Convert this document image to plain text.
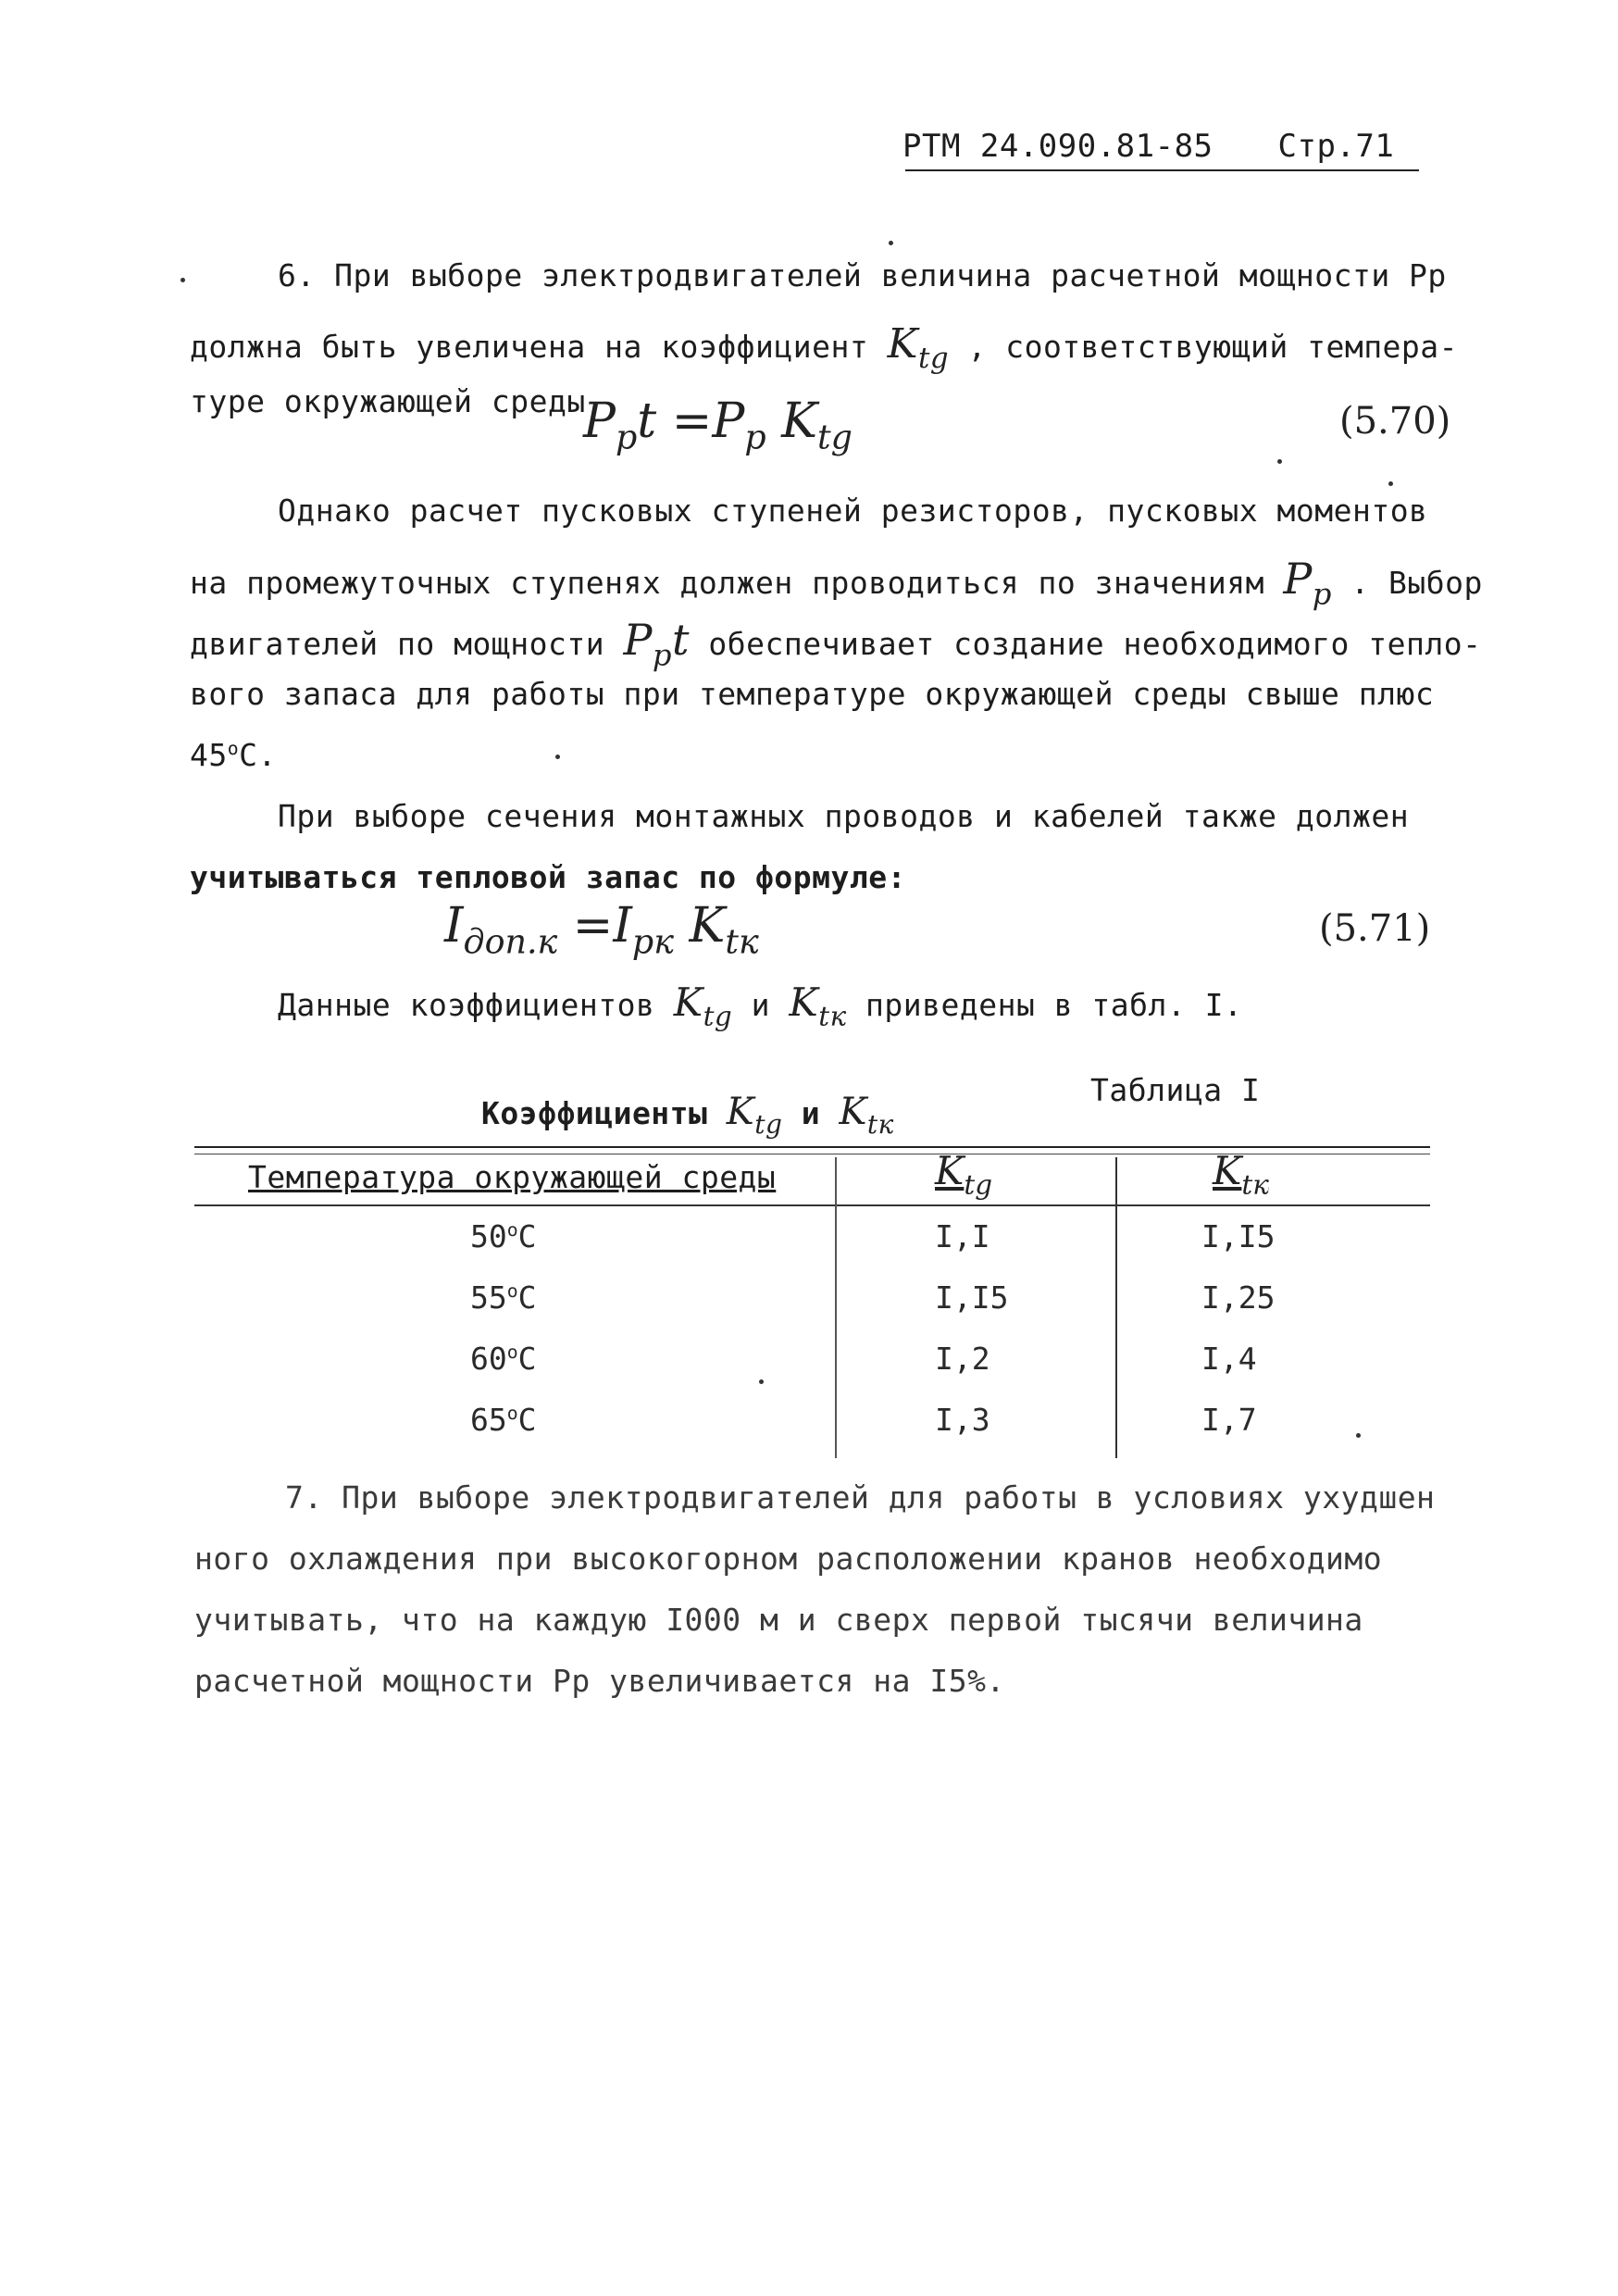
РТМ 24.090.81-85 Стр.71
6. При выборе электродвигателей величина расчетной мощности Рр
должна быть увеличена на коэффициент $K_{tg}$ , соответствующий темпера-
туре окружающей среды
$P_pt =P_p$ $K_{tg}$	(5.70)
Однако расчет пусковых ступеней резисторов, пусковых моментов
на промежуточных ступенях должен проводиться по значениям $P_p$ . Выбор
двигателей по мощности $P_pt$ обеспечивает создание необходимого тепло-
вого запаса для работы при температуре окружающей среды свыше плюс
45$^o$С.
При выборе сечения монтажных проводов и кабелей также должен
учитываться тепловой запас по формуле:
$I_{доп.к} =I_{рк}$ $K_{tк}$	(5.71)
Данные коэффициентов $K_{tg}$ и $K_{tк}$ приведены в табл. I.
Таблица I
Коэффициенты $K_{tg}$ и $K_{tк}$
Температура окружающей среды	$K_{tg}$	$K_{tк}$
50$^o$С	I,I	I,I5
55$^o$С	I,I5	I,25
60$^o$С	I,2	I,4
65$^o$С	I,3	I,7
7. При выборе электродвигателей для работы в условиях ухудшен
ного охлаждения при высокогорном расположении кранов необходимо
учитывать, что на каждую I000 м и сверх первой тысячи величина
расчетной мощности Рр увеличивается на I5%.
